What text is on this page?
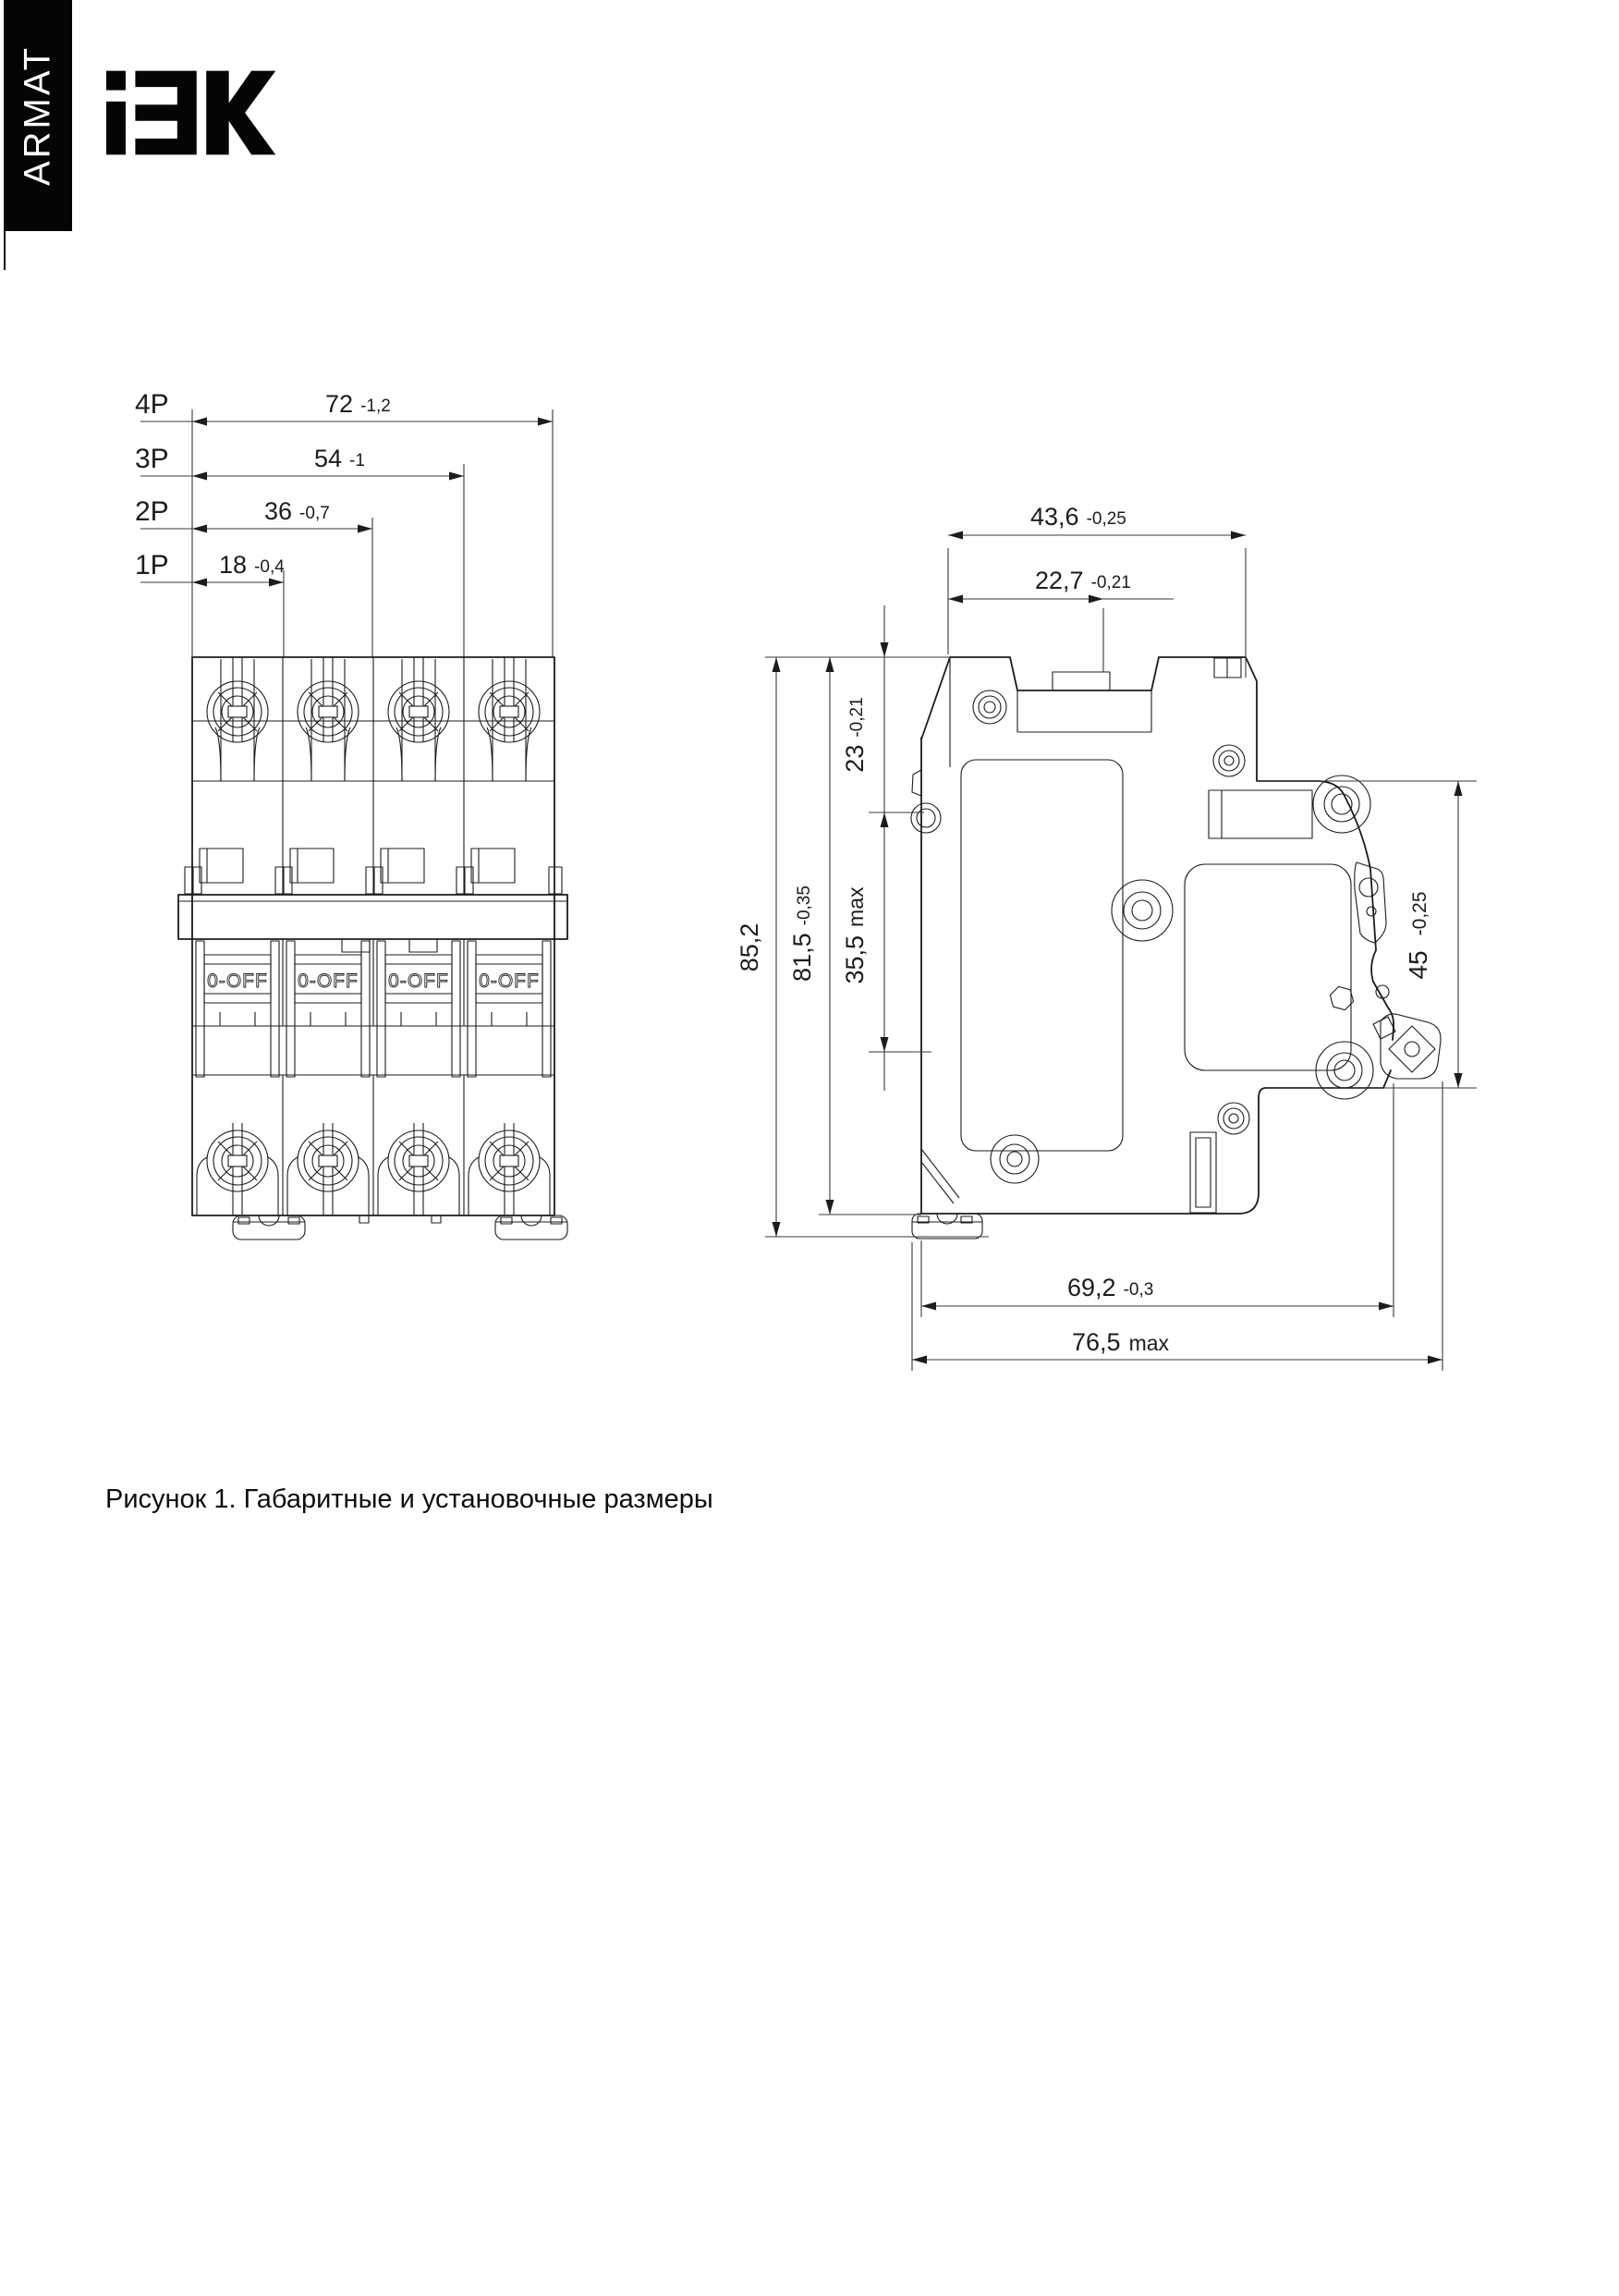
ARMAT
4P
3P
2P
1P
72 -1,2
54 -1
36 -0,7
18 -0,4
0-OFF 0-OFF 0-OFF 0-OFF
43,6 -0,25
22,7 -0,21
85,2 81,5-0,35
23-0,21
35,5max
45-0,25
69,2 -0,3
76,5 max
Рисунок 1. Габаритные и установочные размеры
